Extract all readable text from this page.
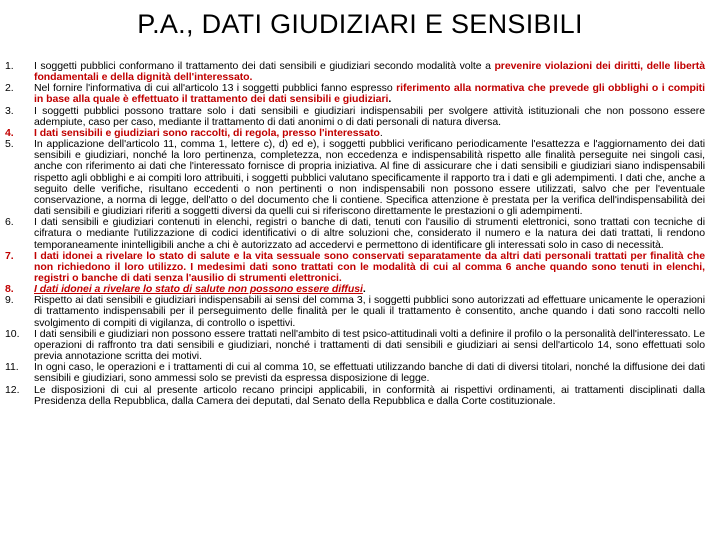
P.A., DATI GIUDIZIARI E SENSIBILI
1.	I soggetti pubblici conformano il trattamento dei dati sensibili e giudiziari secondo modalità volte a prevenire violazioni dei diritti, delle libertà fondamentali e della dignità dell'interessato.
2.	Nel fornire l'informativa di cui all'articolo 13 i soggetti pubblici fanno espresso riferimento alla normativa che prevede gli obblighi o i compiti in base alla quale è effettuato il trattamento dei dati sensibili e giudiziari.
3.	I soggetti pubblici possono trattare solo i dati sensibili e giudiziari indispensabili per svolgere attività istituzionali che non possono essere adempiute, caso per caso, mediante il trattamento di dati anonimi o di dati personali di natura diversa.
4.	I dati sensibili e giudiziari sono raccolti, di regola, presso l'interessato.
5.	In applicazione dell'articolo 11, comma 1, lettere c), d) ed e), i soggetti pubblici verificano periodicamente l'esattezza e l'aggiornamento dei dati sensibili e giudiziari, nonché la loro pertinenza, completezza, non eccedenza e indispensabilità rispetto alle finalità perseguite nei singoli casi, anche con riferimento ai dati che l'interessato fornisce di propria iniziativa. Al fine di assicurare che i dati sensibili e giudiziari siano indispensabili rispetto agli obblighi e ai compiti loro attribuiti, i soggetti pubblici valutano specificamente il rapporto tra i dati e gli adempimenti. I dati che, anche a seguito delle verifiche, risultano eccedenti o non pertinenti o non indispensabili non possono essere utilizzati, salvo che per l'eventuale conservazione, a norma di legge, dell'atto o del documento che li contiene. Specifica attenzione è prestata per la verifica dell'indispensabilità dei dati sensibili e giudiziari riferiti a soggetti diversi da quelli cui si riferiscono direttamente le prestazioni o gli adempimenti.
6.	I dati sensibili e giudiziari contenuti in elenchi, registri o banche di dati, tenuti con l'ausilio di strumenti elettronici, sono trattati con tecniche di cifratura o mediante l'utilizzazione di codici identificativi o di altre soluzioni che, considerato il numero e la natura dei dati trattati, li rendono temporaneamente inintelligibili anche a chi è autorizzato ad accedervi e permettono di identificare gli interessati solo in caso di necessità.
7.	I dati idonei a rivelare lo stato di salute e la vita sessuale sono conservati separatamente da altri dati personali trattati per finalità che non richiedono il loro utilizzo. I medesimi dati sono trattati con le modalità di cui al comma 6 anche quando sono tenuti in elenchi, registri o banche di dati senza l'ausilio di strumenti elettronici.
8.	I dati idonei a rivelare lo stato di salute non possono essere diffusi.
9.	Rispetto ai dati sensibili e giudiziari indispensabili ai sensi del comma 3, i soggetti pubblici sono autorizzati ad effettuare unicamente le operazioni di trattamento indispensabili per il perseguimento delle finalità per le quali il trattamento è consentito, anche quando i dati sono raccolti nello svolgimento di compiti di vigilanza, di controllo o ispettivi.
10.	I dati sensibili e giudiziari non possono essere trattati nell'ambito di test psico-attitudinali volti a definire il profilo o la personalità dell'interessato. Le operazioni di raffronto tra dati sensibili e giudiziari, nonché i trattamenti di dati sensibili e giudiziari ai sensi dell'articolo 14, sono effettuati solo previa annotazione scritta dei motivi.
11.	In ogni caso, le operazioni e i trattamenti di cui al comma 10, se effettuati utilizzando banche di dati di diversi titolari, nonché la diffusione dei dati sensibili e giudiziari, sono ammessi solo se previsti da espressa disposizione di legge.
12.	Le disposizioni di cui al presente articolo recano principi applicabili, in conformità ai rispettivi ordinamenti, ai trattamenti disciplinati dalla Presidenza della Repubblica, dalla Camera dei deputati, dal Senato della Repubblica e dalla Corte costituzionale.
